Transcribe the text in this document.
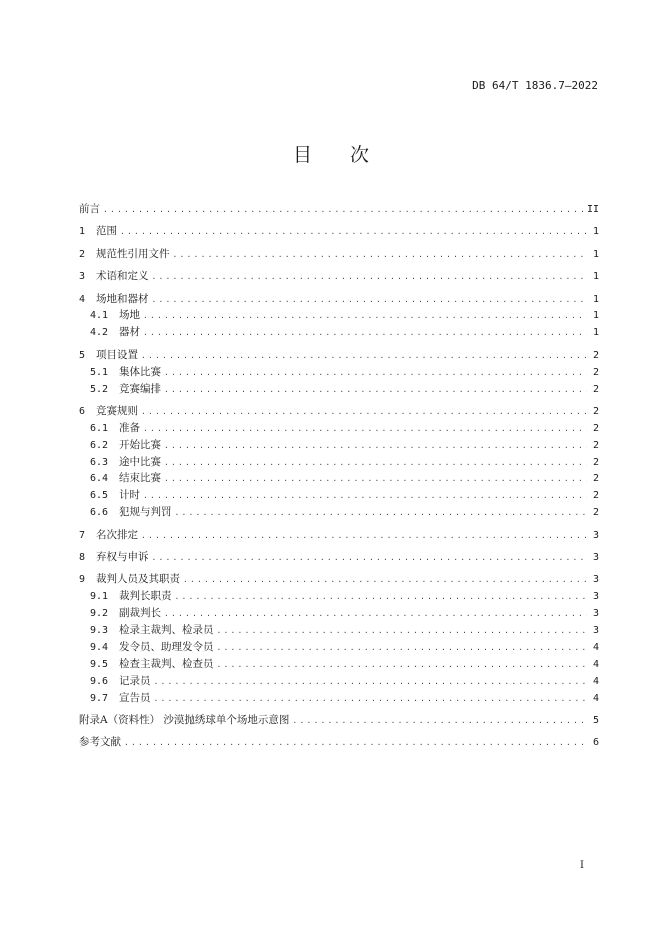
DB 64/T 1836.7—2022
目 次
前言 .....	II
1	范围 .....	1
2	规范性引用文件 .....	1
3	术语和定义 .....	1
4	场地和器材 .....	1
4.1	场地 .....	1
4.2	器材 .....	1
5	项目设置 .....	2
5.1	集体比赛 .....	2
5.2	竞赛编排 .....	2
6	竞赛规则 .....	2
6.1	准备 .....	2
6.2	开始比赛 .....	2
6.3	途中比赛 .....	2
6.4	结束比赛 .....	2
6.5	计时 .....	2
6.6	犯规与判罚 .....	2
7	名次排定 .....	3
8	弃权与申诉 .....	3
9	裁判人员及其职责 .....	3
9.1	裁判长职责 .....	3
9.2	副裁判长 .....	3
9.3	检录主裁判、检录员 .....	3
9.4	发令员、助理发令员 .....	4
9.5	检查主裁判、检查员 .....	4
9.6	记录员 .....	4
9.7	宣告员 .....	4
附录A（资料性） 沙漠抛绣球单个场地示意图 .....	5
参考文献 .....	6
I
